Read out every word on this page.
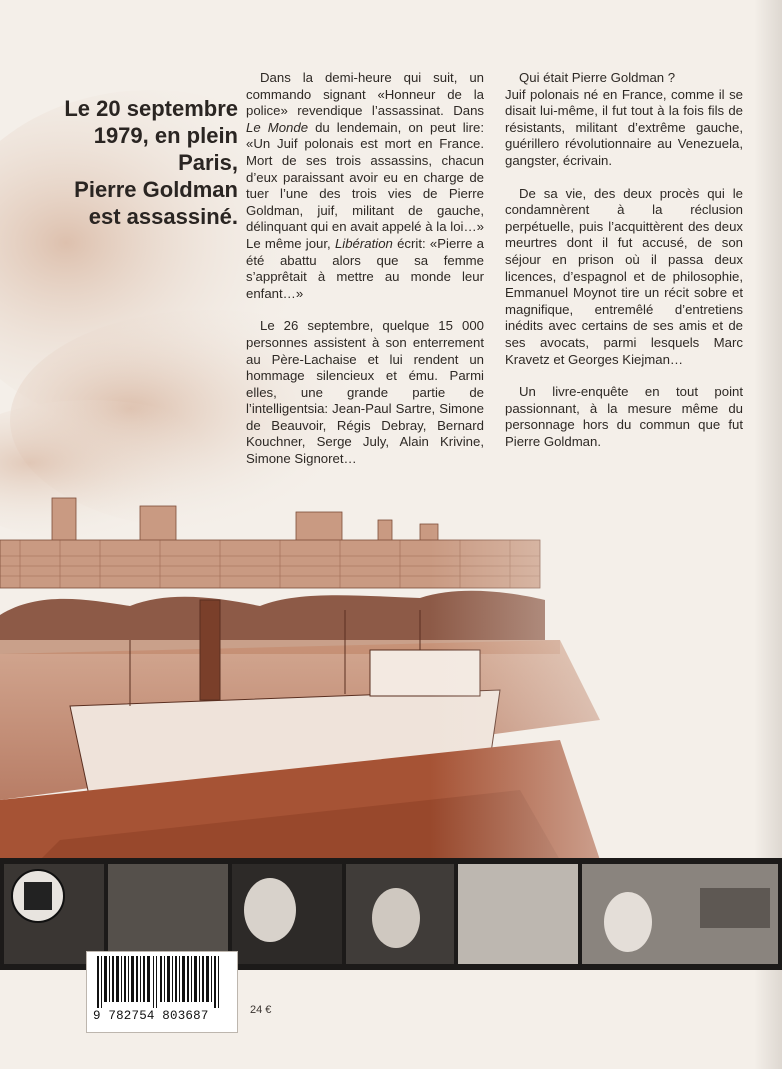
Le 20 septembre
1979, en plein Paris,
Pierre Goldman
est assassiné.

Dans la demi-heure qui suit, un commando signant «Honneur de la police» revendique l’assassinat. Dans Le Monde du lendemain, on peut lire: «Un Juif polonais est mort en France. Mort de ses trois assassins, chacun d’eux paraissant avoir eu en charge de tuer l’une des trois vies de Pierre Goldman, juif, militant de gauche, délinquant qui en avait appelé à la loi…» Le même jour, Libération écrit: «Pierre a été abattu alors que sa femme s’apprêtait à mettre au monde leur enfant…»

Le 26 septembre, quelque 15 000 personnes assistent à son enterrement au Père-Lachaise et lui rendent un hommage silencieux et ému. Parmi elles, une grande partie de l’intelligentsia: Jean-Paul Sartre, Simone de Beauvoir, Régis Debray, Bernard Kouchner, Serge July, Alain Krivine, Simone Signoret…

Qui était Pierre Goldman ?
Juif polonais né en France, comme il se disait lui-même, il fut tout à la fois fils de résistants, militant d’extrême gauche, guérillero révolutionnaire au Venezuela, gangster, écrivain.

De sa vie, des deux procès qui le condamnèrent à la réclusion perpétuelle, puis l’acquittèrent des deux meurtres dont il fut accusé, de son séjour en prison où il passa deux licences, d’espagnol et de philosophie, Emmanuel Moynot tire un récit sobre et magnifique, entremêlé d’entretiens inédits avec certains de ses amis et de ses avocats, parmi lesquels Marc Kravetz et Georges Kiejman…

Un livre-enquête en tout point passionnant, à la mesure même du personnage hors du commun que fut Pierre Goldman.

9 782754 803687	24 €
